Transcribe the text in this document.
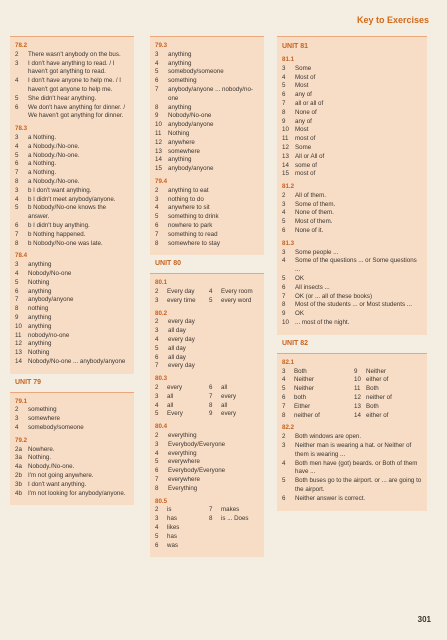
Key to Exercises
78.2
2	There wasn't anybody on the bus.
3	I don't have anything to read. / I haven't got anything to read.
4	I don't have anyone to help me. / I haven't got anyone to help me.
5	She didn't hear anything.
6	We don't have anything for dinner. / We haven't got anything for dinner.
78.3
3	a Nothing.
4	a Nobody./No-one.
5	a Nobody./No-one.
6	a Nothing.
7	a Nothing.
8	a Nobody./No-one.
3	b I don't want anything.
4	b I didn't meet anybody/anyone.
5	b Nobody/No-one knows the answer.
6	b I didn't buy anything.
7	b Nothing happened.
8	b Nobody/No-one was late.
78.4
3	anything
4	Nobody/No-one
5	Nothing
6	anything
7	anybody/anyone
8	nothing
9	anything
10 anything
11	nobody/no-one
12 anything
13 Nothing
14 Nobody/No-one ... anybody/anyone
UNIT 79
79.1
2	something
3	somewhere
4	somebody/someone
79.2
2a Nowhere.
3a Nothing.
4a Nobody./No-one.
2b I'm not going anywhere.
3b I don't want anything.
4b I'm not looking for anybody/anyone.
79.3
3	anything
4	anything
5	somebody/someone
6	something
7	anybody/anyone ... nobody/no-one
8	anything
9	Nobody/No-one
10 anybody/anyone
11	Nothing
12 anywhere
13 somewhere
14 anything
15 anybody/anyone
79.4
2	anything to eat
3	nothing to do
4	anywhere to sit
5	something to drink
6	nowhere to park
7	something to read
8	somewhere to stay
UNIT 80
80.1
2	Every day	4	Every room
3	every time	5	every word
80.2
2	every day
3	all day
4	every day
5	all day
6	all day
7	every day
80.3
2	every	6	all
3	all	7	every
4	all	8	all
5	Every	9	every
80.4
2	everything
3	Everybody/Everyone
4	everything
5	everywhere
6	Everybody/Everyone
7	everywhere
8	Everything
80.5
2	is	7	makes
3	has	8	is ... Does
4	likes
5	has
6	was
UNIT 81
81.1
3	Some
4	Most of
5	Most
6	any of
7	all or all of
8	None of
9	any of
10 Most
11	most of
12 Some
13 All or All of
14 some of
15 most of
81.2
2	All of them.
3	Some of them.
4	None of them.
5	Most of them.
6	None of it.
81.3
3	Some people ...
4	Some of the questions ... or Some questions ...
5	OK
6	All insects ...
7	OK (or ... all of these books)
8	Most of the students ... or Most students ...
9	OK
10 ... most of the night.
UNIT 82
82.1
3	Both	9	Neither
4	Neither	10 either of
5	Neither	11 Both
6	both	12 neither of
7	Either	13 Both
8	neither of	14 either of
82.2
2	Both windows are open.
3	Neither man is wearing a hat. or Neither of them is wearing ...
4	Both men have (got) beards. or Both of them have ...
5	Both buses go to the airport. or ... are going to the airport.
6	Neither answer is correct.
301
